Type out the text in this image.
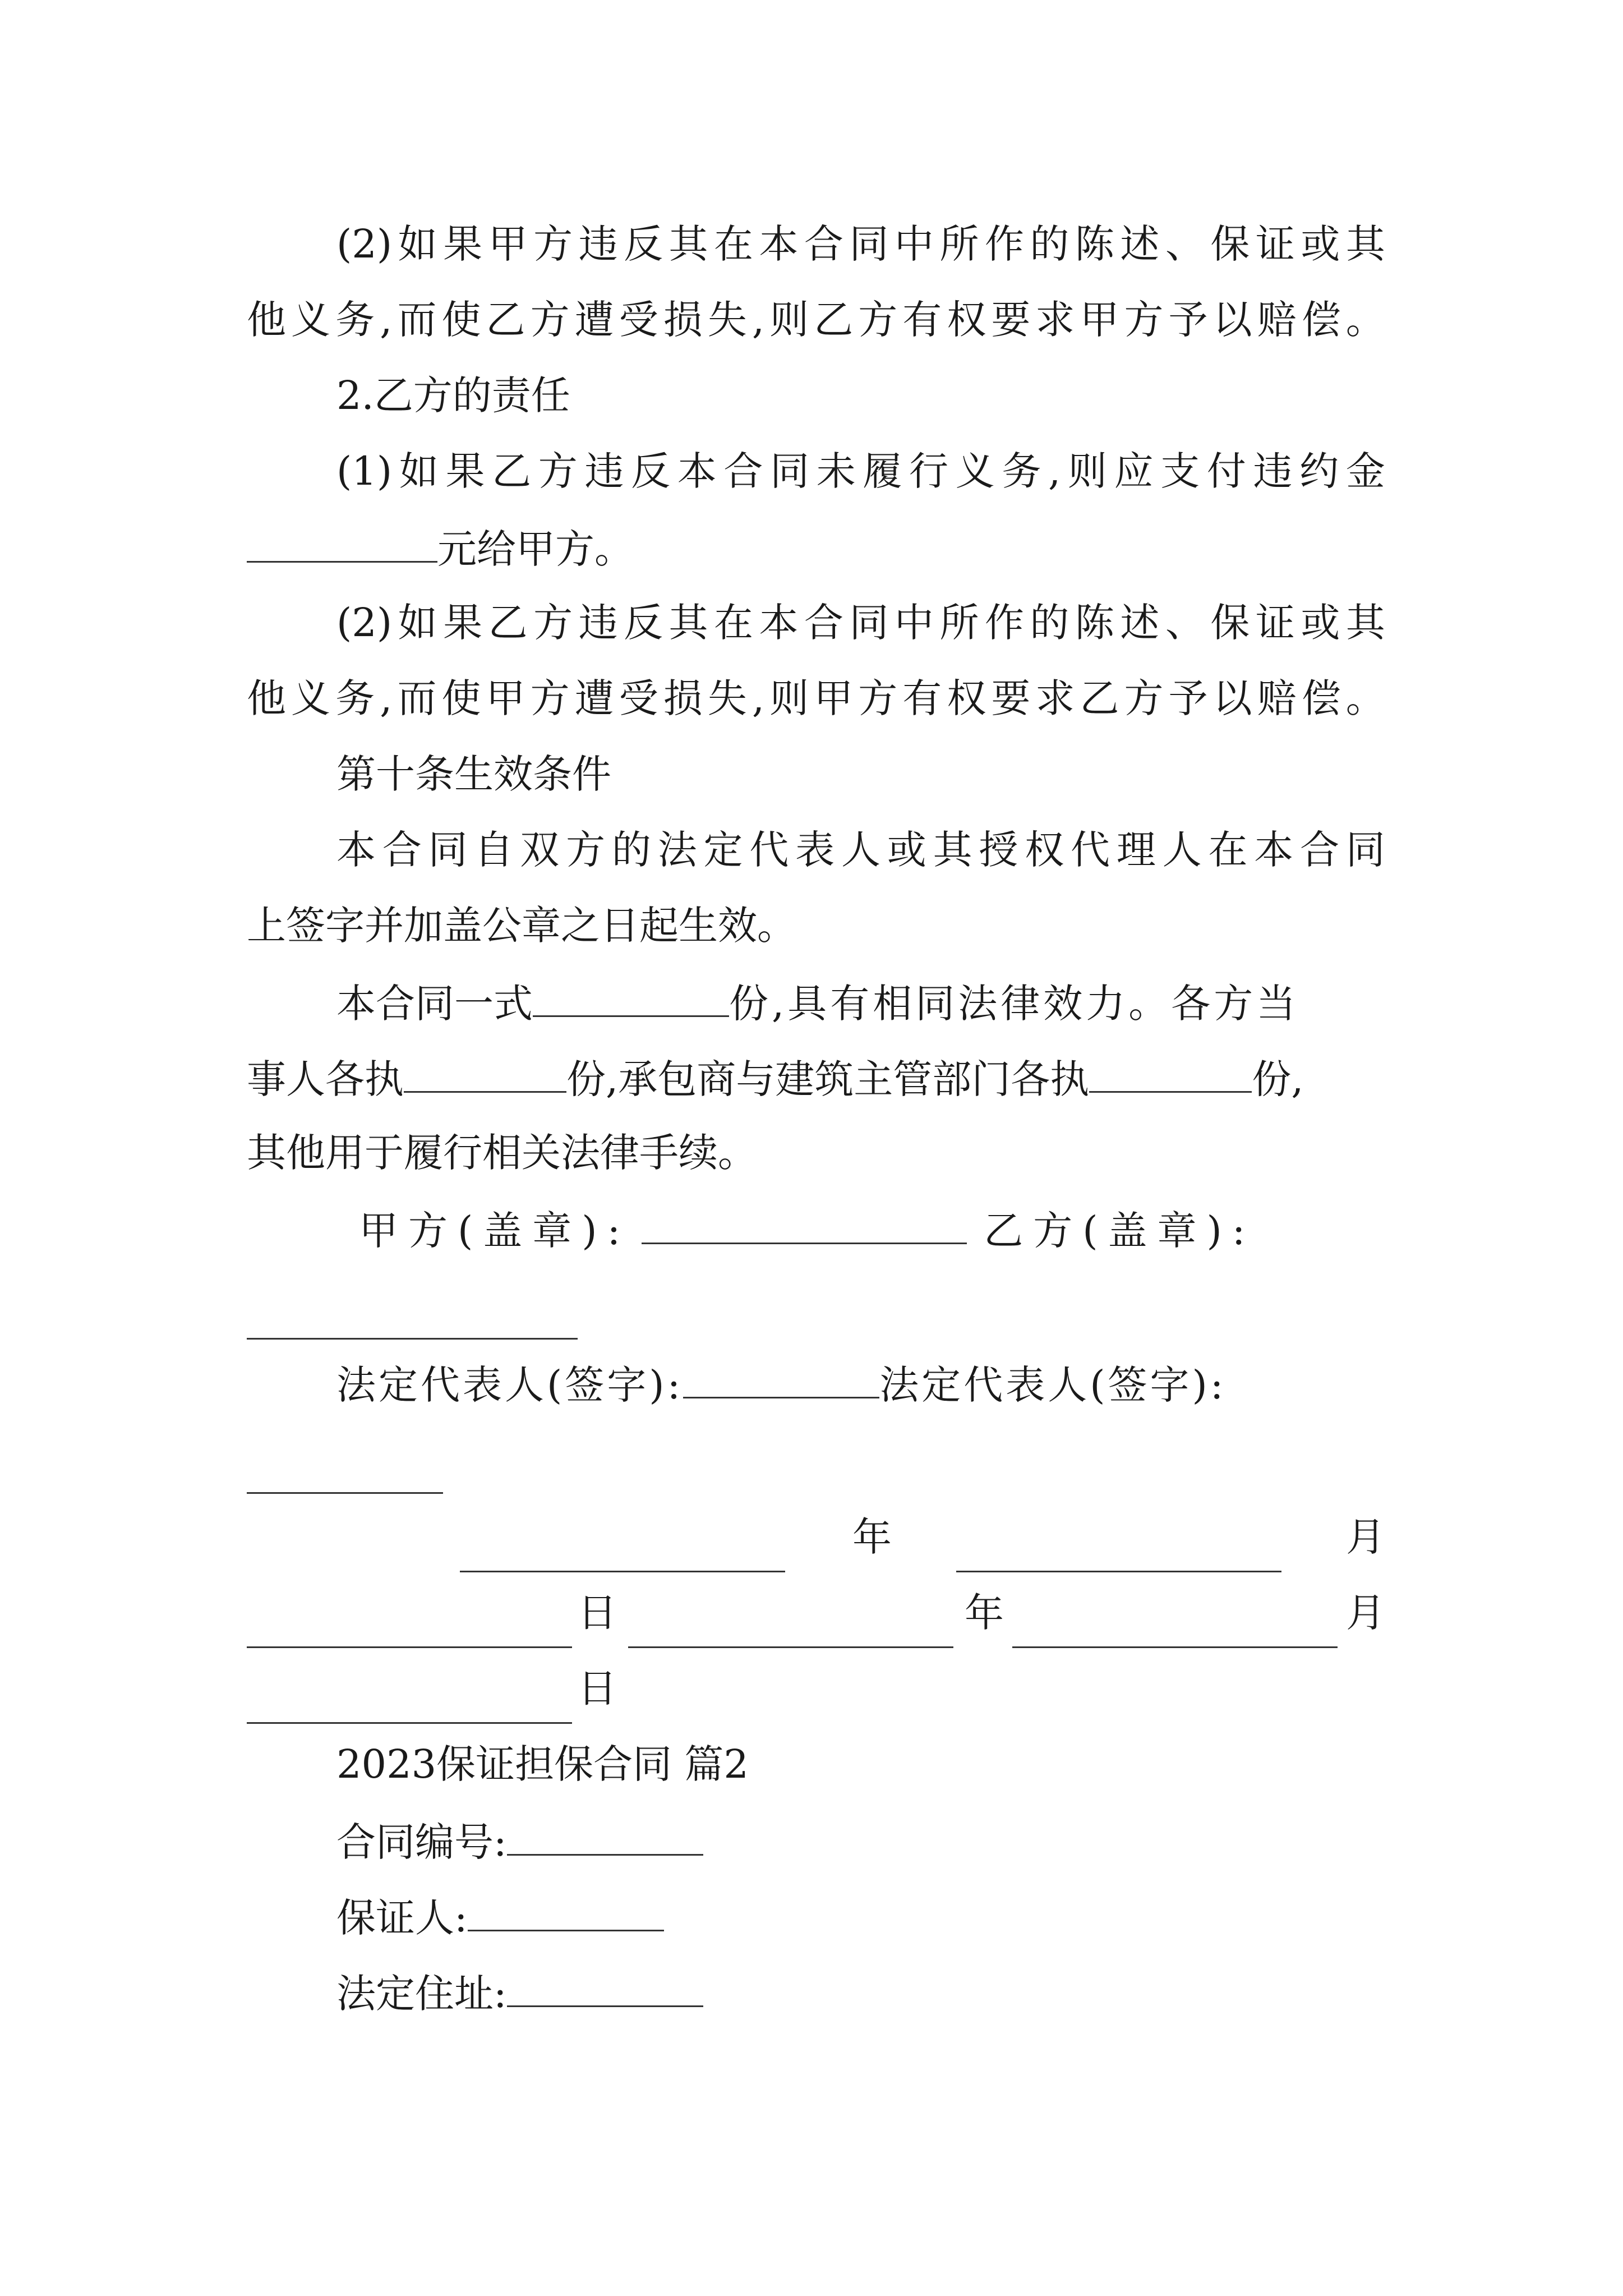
(2) 如 果 甲 方 违 反 其 在 本 合 同 中 所 作 的 陈 述 、 保 证 或 其
他 义 务 , 而 使 乙 方 遭 受 损 失 , 则 乙 方 有 权 要 求 甲 方 予 以 赔 偿 。
2.乙方的责任
(1) 如 果 乙 方 违 反 本 合 同 未 履 行 义 务 , 则 应 支 付 违 约 金
元给甲方。
(2) 如 果 乙 方 违 反 其 在 本 合 同 中 所 作 的 陈 述 、 保 证 或 其
他 义 务 , 而 使 甲 方 遭 受 损 失 , 则 甲 方 有 权 要 求 乙 方 予 以 赔 偿 。
第十条生效条件
本 合 同 自 双 方 的 法 定 代 表 人 或 其 授 权 代 理 人 在 本 合 同
上签字并加盖公章之日起生效。
本合同一式	份,具有相同法律效力。各方当
事人各执	份,承包商与建筑主管部门各执	份,
其他用于履行相关法律手续。
甲方(盖章):	乙方(盖章):
法定代表人(签字):	法定代表人(签字):
年	月
日	年	月
日
2023保证担保合同 篇2
合同编号:
保证人:
法定住址:
